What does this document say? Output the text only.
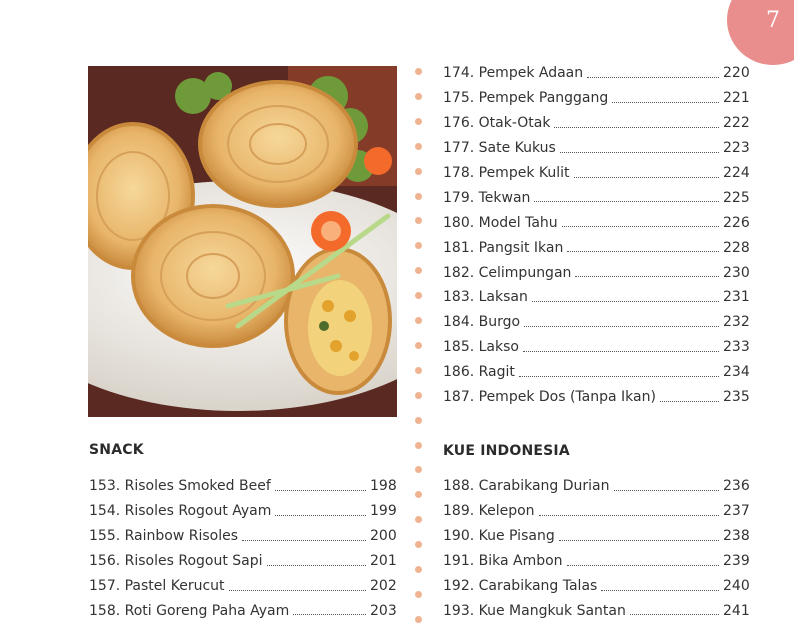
7
174. Pempek Adaan	220
175. Pempek Panggang	221
176. Otak-Otak	222
177. Sate Kukus	223
178. Pempek Kulit	224
179. Tekwan	225
180. Model Tahu	226
181. Pangsit Ikan	228
182. Celimpungan	230
183. Laksan	231
184. Burgo	232
185. Lakso	233
186. Ragit	234
187. Pempek Dos (Tanpa Ikan)	235
SNACK
153. Risoles Smoked Beef	198
154. Risoles Rogout Ayam	199
155. Rainbow Risoles	200
156. Risoles Rogout Sapi	201
157. Pastel Kerucut	202
158. Roti Goreng Paha Ayam	203
KUE INDONESIA
188. Carabikang Durian	236
189. Kelepon	237
190. Kue Pisang	238
191. Bika Ambon	239
192. Carabikang Talas	240
193. Kue Mangkuk Santan	241
